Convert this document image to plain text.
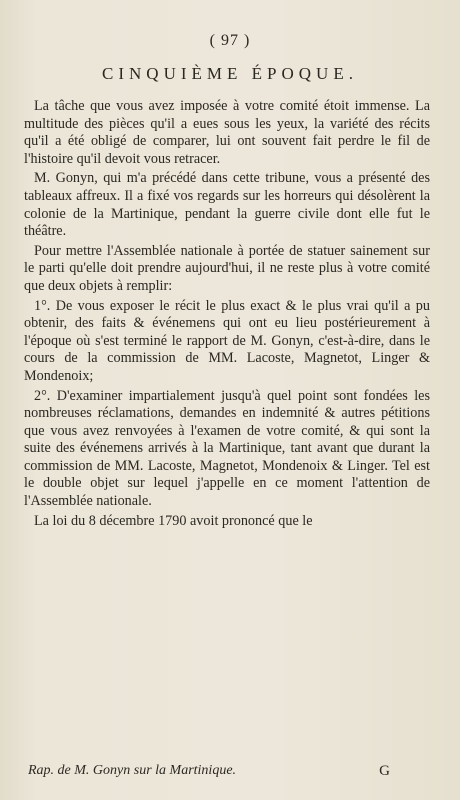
( 97 )
CINQUIÈME ÉPOQUE.

La tâche que vous avez imposée à votre comité étoit immense. La multitude des pièces qu'il a eues sous les yeux, la variété des récits qu'il a été obligé de comparer, lui ont souvent fait perdre le fil de l'histoire qu'il devoit vous retracer.

M. Gonyn, qui m'a précédé dans cette tribune, vous a présenté des tableaux affreux. Il a fixé vos regards sur les horreurs qui désolèrent la colonie de la Martinique, pendant la guerre civile dont elle fut le théâtre.

Pour mettre l'Assemblée nationale à portée de statuer sainement sur le parti qu'elle doit prendre aujourd'hui, il ne reste plus à votre comité que deux objets à remplir:

1°. De vous exposer le récit le plus exact & le plus vrai qu'il a pu obtenir, des faits & événemens qui ont eu lieu postérieurement à l'époque où s'est terminé le rapport de M. Gonyn, c'est-à-dire, dans le cours de la commission de MM. Lacoste, Magnetot, Linger & Mondenoix;

2°. D'examiner impartialement jusqu'à quel point sont fondées les nombreuses réclamations, demandes en indemnité & autres pétitions que vous avez renvoyées à l'examen de votre comité, & qui sont la suite des événemens arrivés à la Martinique, tant avant que durant la commission de MM. Lacoste, Magnetot, Mondenoix & Linger. Tel est le double objet sur lequel j'appelle en ce moment l'attention de l'Assemblée nationale.

La loi du 8 décembre 1790 avoit prononcé que le

Rap. de M. Gonyn sur la Martinique.	G
